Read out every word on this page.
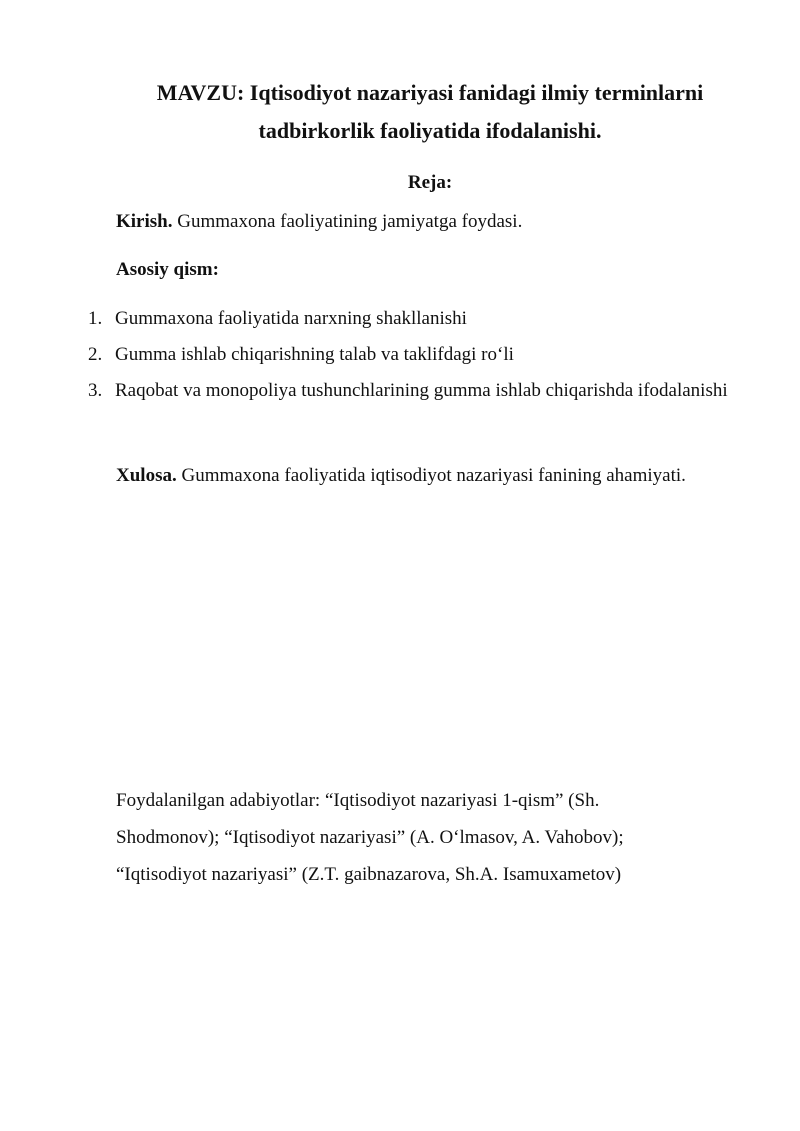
MAVZU: Iqtisodiyot nazariyasi fanidagi ilmiy terminlarni tadbirkorlik faoliyatida ifodalanishi.

Reja:

Kirish. Gummaxona faoliyatining jamiyatga foydasi.

Asosiy qism:

1. Gummaxona faoliyatida narxning shakllanishi
2. Gumma ishlab chiqarishning talab va taklifdagi ro‘li
3. Raqobat va monopoliya tushunchlarining gumma ishlab chiqarishda ifodalanishi

Xulosa. Gummaxona faoliyatida iqtisodiyot nazariyasi fanining ahamiyati.

Foydalanilgan adabiyotlar: “Iqtisodiyot nazariyasi 1-qism” (Sh. Shodmonov); “Iqtisodiyot nazariyasi” (A. O‘lmasov, A. Vahobov); “Iqtisodiyot nazariyasi” (Z.T. gaibnazarova, Sh.A. Isamuxametov)
